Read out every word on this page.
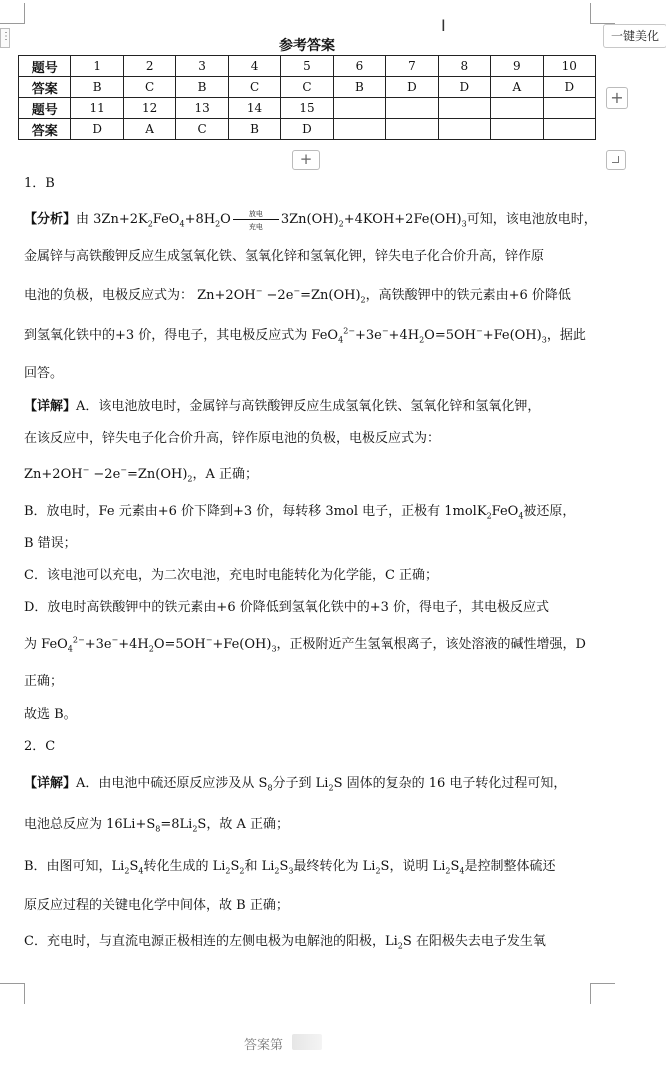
⋮
I
一键美化
+
+
参考答案
题号	1	2	3	4	5	6	7	8	9	10
答案	B	C	B	C	C	B	D	D	A	D
题号	11	12	13	14	15					
答案	D	A	C	B	D					
1．B
【分析】由 $3Zn+2K_2FeO_4+8H_2O$	放电
充电	$3Zn(OH)_2+4KOH+2Fe(OH)_3$可知，该电池放电时，
金属锌与高铁酸钾反应生成氢氧化铁、氢氧化锌和氢氧化钾，锌失电子化合价升高，锌作原
电池的负极，电极反应式为： $Zn+2OH^- -2e^-=Zn(OH)_2$，高铁酸钾中的铁元素由+6 价降低
到氢氧化铁中的+3 价，得电子，其电极反应式为 $FeO_4^{2-}+3e^-+4H_2O=5OH^-+Fe(OH)_3$，据此
回答。
【详解】A．该电池放电时，金属锌与高铁酸钾反应生成氢氧化铁、氢氧化锌和氢氧化钾，
在该反应中，锌失电子化合价升高，锌作原电池的负极，电极反应式为：
$Zn+2OH^- -2e^-=Zn(OH)_2$，A 正确；
B．放电时，Fe 元素由+6 价下降到+3 价，每转移 3mol 电子，正极有 1molK$_2$FeO$_4$被还原，
B 错误；
C．该电池可以充电，为二次电池，充电时电能转化为化学能，C 正确；
D．放电时高铁酸钾中的铁元素由+6 价降低到氢氧化铁中的+3 价，得电子，其电极反应式
为 $FeO_4^{2-}+3e^-+4H_2O=5OH^-+Fe(OH)_3$，正极附近产生氢氧根离子，该处溶液的碱性增强，D
正确；
故选 B。
2．C
【详解】A．由电池中硫还原反应涉及从 $S_8$分子到 $Li_2S$ 固体的复杂的 16 电子转化过程可知，
电池总反应为 $16Li+S_8=8Li_2S$，故 A 正确；
B．由图可知，$Li_2S_4$转化生成的 $Li_2S_2$和 $Li_2S_3$最终转化为 $Li_2S$，说明 $Li_2S_4$是控制整体硫还
原反应过程的关键电化学中间体，故 B 正确；
C．充电时，与直流电源正极相连的左侧电极为电解池的阳极，$Li_2S$ 在阳极失去电子发生氧
答案第
